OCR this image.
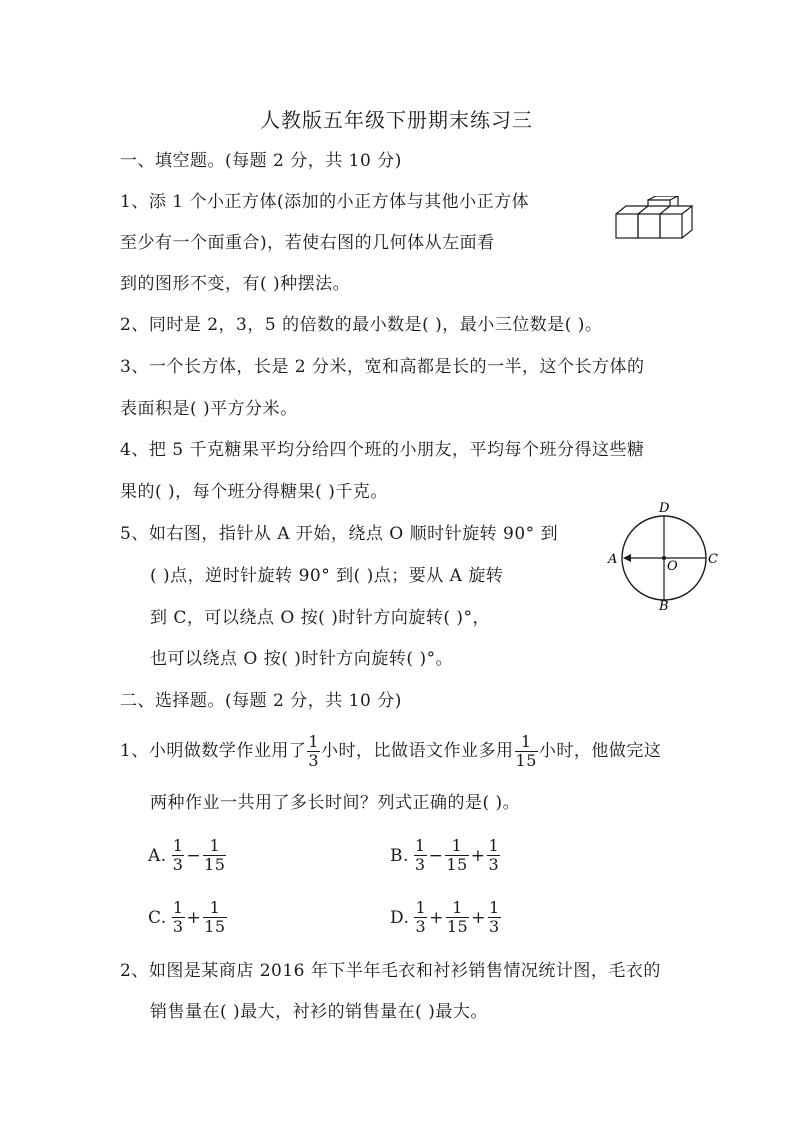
人教版五年级下册期末练习三
一、填空题。(每题 2 分，共 10 分)
1、添 1 个小正方体(添加的小正方体与其他小正方体
至少有一个面重合)，若使右图的几何体从左面看
到的图形不变，有( )种摆法。
2、同时是 2，3，5 的倍数的最小数是( )，最小三位数是( )。
3、一个长方体，长是 2 分米，宽和高都是长的一半，这个长方体的
表面积是( )平方分米。
4、把 5 千克糖果平均分给四个班的小朋友，平均每个班分得这些糖
果的( )，每个班分得糖果( )千克。
5、如右图，指针从 A 开始，绕点 O 顺时针旋转 90° 到
( )点，逆时针旋转 90° 到( )点；要从 A 旋转
到 C，可以绕点 O 按( )时针方向旋转( )°，
也可以绕点 O 按( )时针方向旋转( )°。
D
B
A	C
O
二、选择题。(每题 2 分，共 10 分)
1、小明做数学作业用了 $\frac{1}{3}$ 小时，比做语文作业多用 $\frac{1}{15}$ 小时，他做完这
两种作业一共用了多长时间？列式正确的是( )。
A. $\frac{1}{3} - \frac{1}{15}$	B. $\frac{1}{3} - \frac{1}{15} + \frac{1}{3}$
C. $\frac{1}{3} + \frac{1}{15}$	D. $\frac{1}{3} + \frac{1}{15} + \frac{1}{3}$
2、如图是某商店 2016 年下半年毛衣和衬衫销售情况统计图，毛衣的
销售量在( )最大，衬衫的销售量在( )最大。
